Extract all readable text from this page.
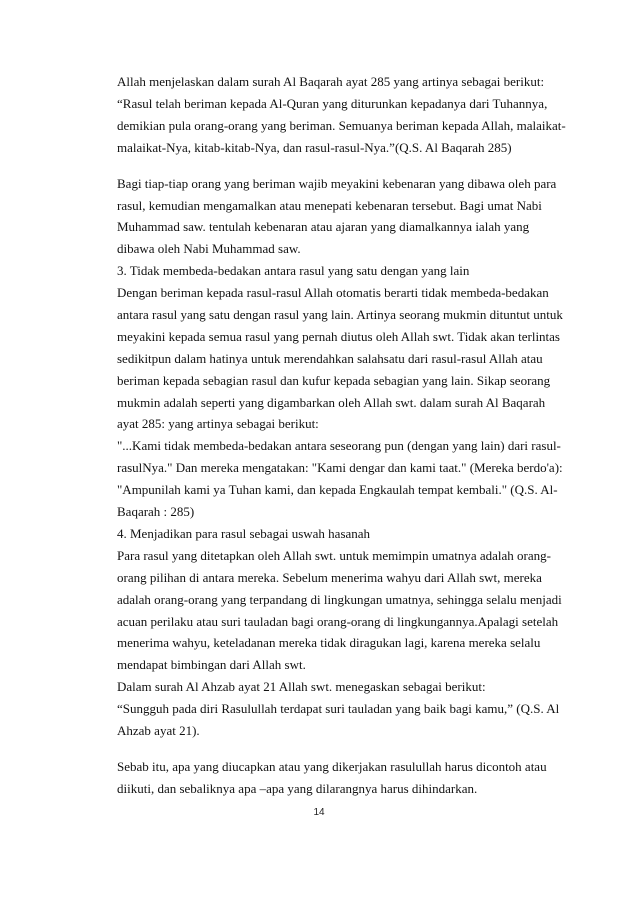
Allah menjelaskan dalam surah Al Baqarah ayat 285 yang artinya sebagai berikut:
“Rasul telah beriman kepada Al-Quran yang diturunkan kepadanya dari Tuhannya,
demikian pula orang-orang yang beriman. Semuanya beriman kepada Allah, malaikat-
malaikat-Nya, kitab-kitab-Nya, dan rasul-rasul-Nya.”(Q.S. Al Baqarah 285)
Bagi tiap-tiap orang yang beriman wajib meyakini kebenaran yang dibawa oleh para
rasul, kemudian mengamalkan atau menepati kebenaran tersebut. Bagi umat Nabi
Muhammad saw. tentulah kebenaran atau ajaran yang diamalkannya ialah yang
dibawa oleh Nabi Muhammad saw.
3. Tidak membeda-bedakan antara rasul yang satu dengan yang lain
Dengan beriman kepada rasul-rasul Allah otomatis berarti tidak membeda-bedakan
antara rasul yang satu dengan rasul yang lain. Artinya seorang mukmin dituntut untuk
meyakini kepada semua rasul yang pernah diutus oleh Allah swt. Tidak akan terlintas
sedikitpun dalam hatinya untuk merendahkan salahsatu dari rasul-rasul Allah atau
beriman kepada sebagian rasul dan kufur kepada sebagian yang lain. Sikap seorang
mukmin adalah seperti yang digambarkan oleh Allah swt. dalam surah Al Baqarah
ayat 285: yang artinya sebagai berikut:
"...Kami tidak membeda-bedakan antara seseorang pun (dengan yang lain) dari rasul-
rasulNya." Dan mereka mengatakan: "Kami dengar dan kami taat." (Mereka berdo'a):
"Ampunilah kami ya Tuhan kami, dan kepada Engkaulah tempat kembali." (Q.S. Al-
Baqarah : 285)
4. Menjadikan para rasul sebagai uswah hasanah
Para rasul yang ditetapkan oleh Allah swt. untuk memimpin umatnya adalah orang-
orang pilihan di antara mereka. Sebelum menerima wahyu dari Allah swt, mereka
adalah orang-orang yang terpandang di lingkungan umatnya, sehingga selalu menjadi
acuan perilaku atau suri tauladan bagi orang-orang di lingkungannya.Apalagi setelah
menerima wahyu, keteladanan mereka tidak diragukan lagi, karena mereka selalu
mendapat bimbingan dari Allah swt.
Dalam surah Al Ahzab ayat 21 Allah swt. menegaskan sebagai berikut:
“Sungguh pada diri Rasulullah terdapat suri tauladan yang baik bagi kamu,” (Q.S. Al
Ahzab ayat 21).
Sebab itu, apa yang diucapkan atau yang dikerjakan rasulullah harus dicontoh atau
diikuti, dan sebaliknya apa –apa yang dilarangnya harus dihindarkan.
14
